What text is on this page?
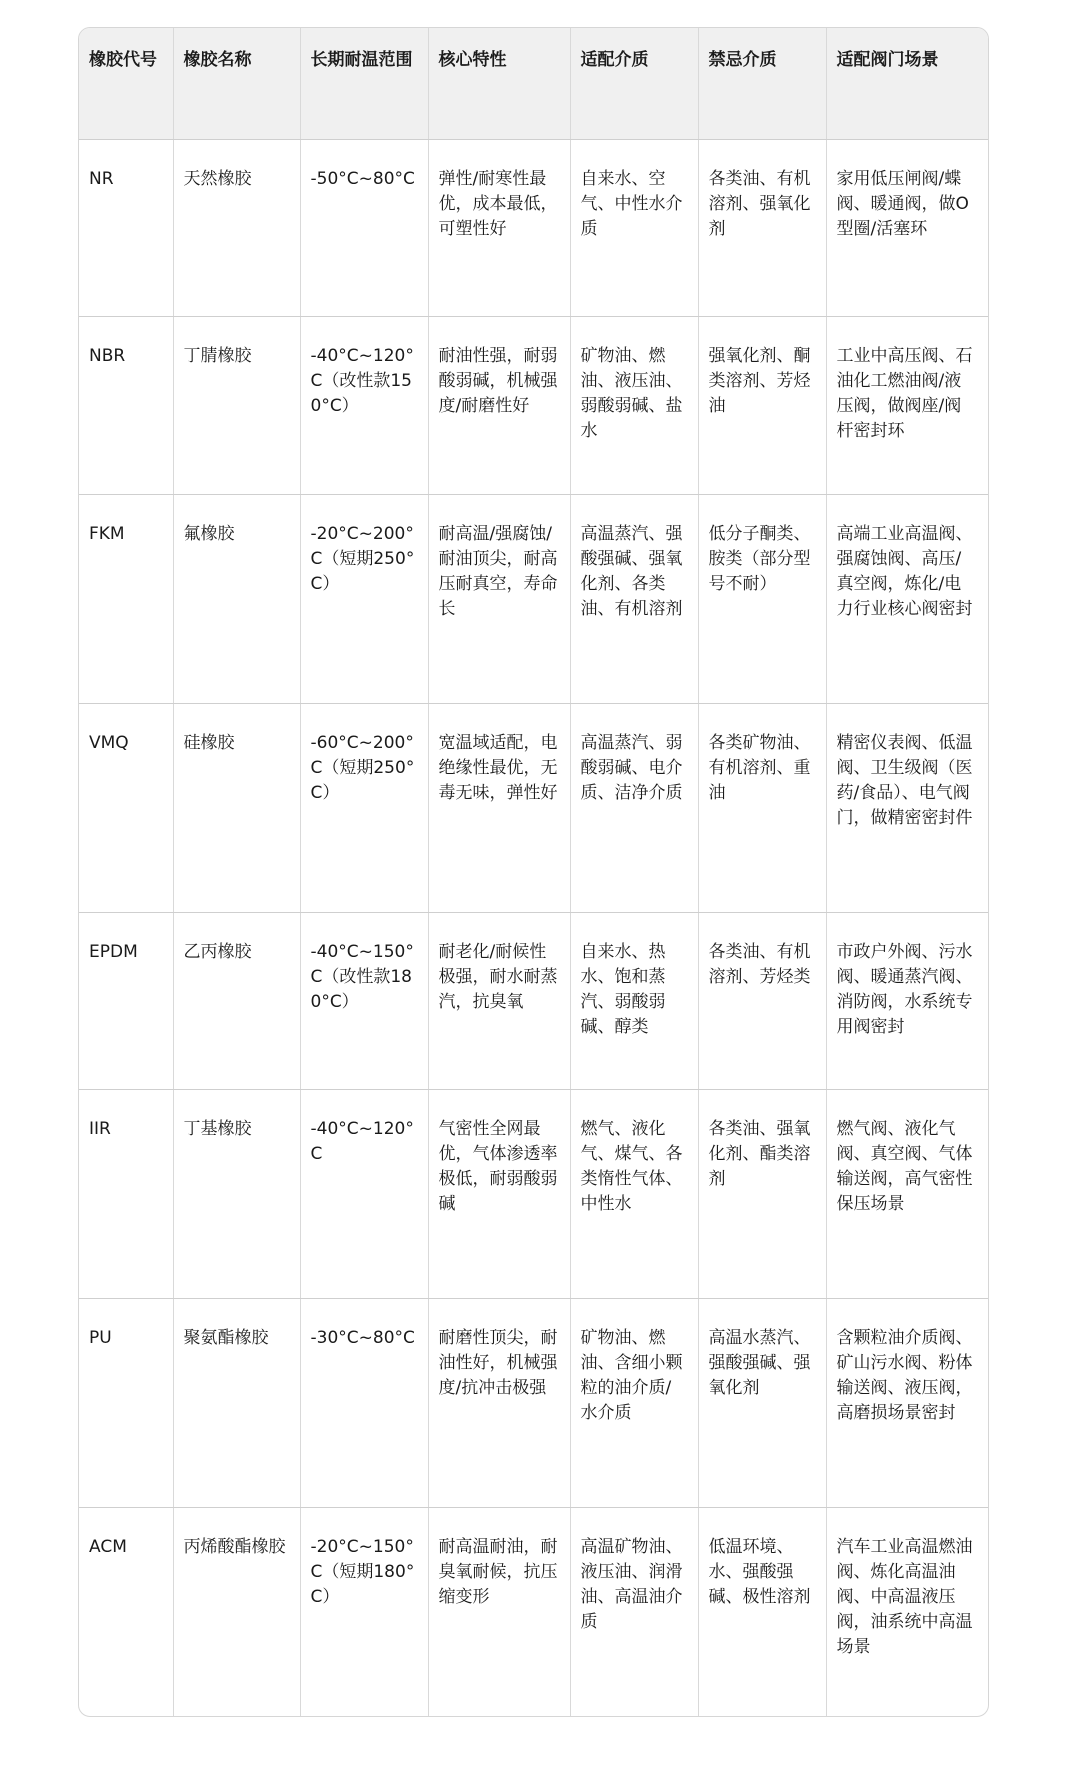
橡胶代号	橡胶名称	长期耐温范围	核心特性	适配介质	禁忌介质	适配阀门场景
NR	天然橡胶	-50°C~80°C	弹性/耐寒性最优，成本最低，可塑性好	自来水、空气、中性水介质	各类油、有机溶剂、强氧化剂	家用低压闸阀/蝶阀、暖通阀，做O型圈/活塞环
NBR	丁腈橡胶	-40°C~120°C（改性款150°C）	耐油性强，耐弱酸弱碱，机械强度/耐磨性好	矿物油、燃油、液压油、弱酸弱碱、盐水	强氧化剂、酮类溶剂、芳烃油	工业中高压阀、石油化工燃油阀/液压阀，做阀座/阀杆密封环
FKM	氟橡胶	-20°C~200°C（短期250°C）	耐高温/强腐蚀/耐油顶尖，耐高压耐真空，寿命长	高温蒸汽、强酸强碱、强氧化剂、各类油、有机溶剂	低分子酮类、胺类（部分型号不耐）	高端工业高温阀、强腐蚀阀、高压/真空阀，炼化/电力行业核心阀密封
VMQ	硅橡胶	-60°C~200°C（短期250°C）	宽温域适配，电绝缘性最优，无毒无味，弹性好	高温蒸汽、弱酸弱碱、电介质、洁净介质	各类矿物油、有机溶剂、重油	精密仪表阀、低温阀、卫生级阀（医药/食品）、电气阀门，做精密密封件
EPDM	乙丙橡胶	-40°C~150°C（改性款180°C）	耐老化/耐候性极强，耐水耐蒸汽，抗臭氧	自来水、热水、饱和蒸汽、弱酸弱碱、醇类	各类油、有机溶剂、芳烃类	市政户外阀、污水阀、暖通蒸汽阀、消防阀，水系统专用阀密封
IIR	丁基橡胶	-40°C~120°C	气密性全网最优，气体渗透率极低，耐弱酸弱碱	燃气、液化气、煤气、各类惰性气体、中性水	各类油、强氧化剂、酯类溶剂	燃气阀、液化气阀、真空阀、气体输送阀，高气密性保压场景
PU	聚氨酯橡胶	-30°C~80°C	耐磨性顶尖，耐油性好，机械强度/抗冲击极强	矿物油、燃油、含细小颗粒的油介质/水介质	高温水蒸汽、强酸强碱、强氧化剂	含颗粒油介质阀、矿山污水阀、粉体输送阀、液压阀，高磨损场景密封
ACM	丙烯酸酯橡胶	-20°C~150°C（短期180°C）	耐高温耐油，耐臭氧耐候，抗压缩变形	高温矿物油、液压油、润滑油、高温油介质	低温环境、水、强酸强碱、极性溶剂	汽车工业高温燃油阀、炼化高温油阀、中高温液压阀，油系统中高温场景
